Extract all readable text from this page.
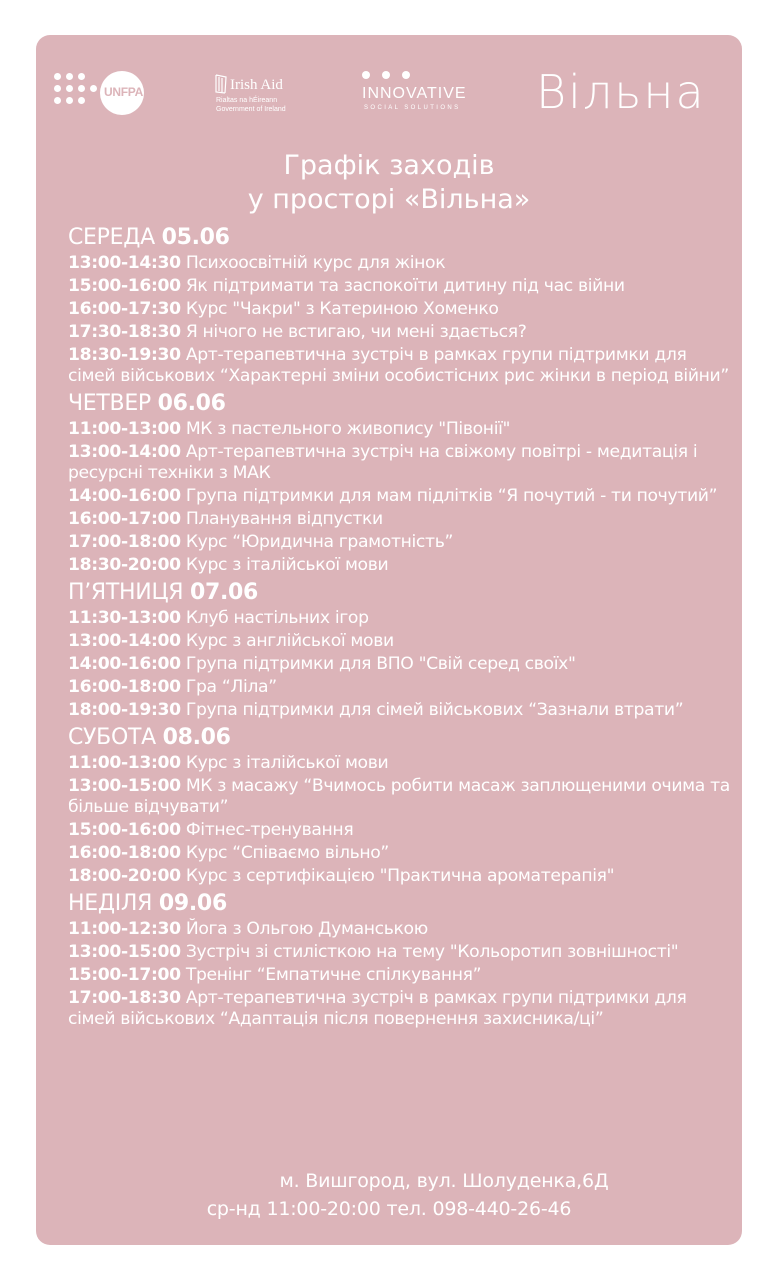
UNFPA	Irish Aid
Rialtas na hÉireann
Government of Ireland
INNOVATIVE
SOCIAL SOLUTIONS Вільна
Графік заходів
у просторі «Вільна»
СЕРЕДА 05.06
13:00-14:30 Психоосвітній курс для жінок
15:00-16:00 Як підтримати та заспокоїти дитину під час війни
16:00-17:30 Курс "Чакри" з Катериною Хоменко
17:30-18:30 Я нічого не встигаю, чи мені здається?
18:30-19:30 Арт-терапевтична зустріч в рамках групи підтримки для сімей військових “Характерні зміни особистісних рис жінки в період війни”
ЧЕТВЕР 06.06
11:00-13:00 МК з пастельного живопису "Півонії"
13:00-14:00 Арт-терапевтична зустріч на свіжому повітрі - медитація і ресурсні техніки з МАК
14:00-16:00 Група підтримки для мам підлітків “Я почутий - ти почутий”
16:00-17:00 Планування відпустки
17:00-18:00 Курс “Юридична грамотність”
18:30-20:00 Курс з італійської мови
П’ЯТНИЦЯ 07.06
11:30-13:00 Клуб настільних ігор
13:00-14:00 Курс з англійської мови
14:00-16:00 Група підтримки для ВПО "Свій серед своїх"
16:00-18:00 Гра “Ліла”
18:00-19:30 Група підтримки для сімей військових “Зазнали втрати”
СУБОТА 08.06
11:00-13:00 Курс з італійської мови
13:00-15:00 МК з масажу “Вчимось робити масаж заплющеними очима та більше відчувати”
15:00-16:00 Фітнес-тренування
16:00-18:00 Курс “Співаємо вільно”
18:00-20:00 Курс з сертифікацією "Практична ароматерапія"
НЕДІЛЯ 09.06
11:00-12:30 Йога з Ольгою Думанською
13:00-15:00 Зустріч зі стилісткою на тему "Кольоротип зовнішності"
15:00-17:00 Тренінг “Емпатичне спілкування”
17:00-18:30 Арт-терапевтична зустріч в рамках групи підтримки для сімей військових “Адаптація після повернення захисника/ці”
м. Вишгород, вул. Шолуденка,6Д
ср-нд 11:00-20:00 тел. 098-440-26-46
